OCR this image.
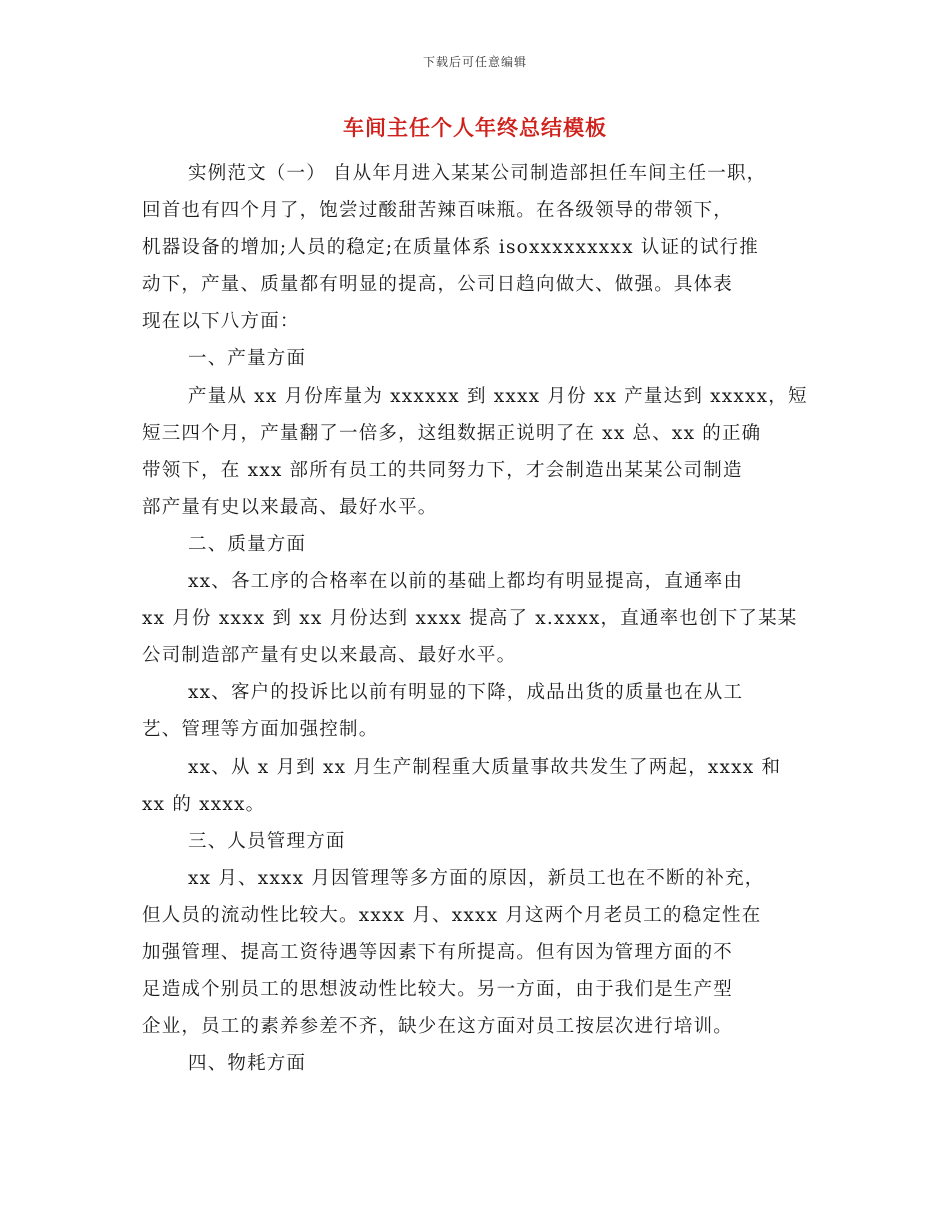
下载后可任意编辑
车间主任个人年终总结模板
实例范文（一） 自从年月进入某某公司制造部担任车间主任一职，
回首也有四个月了，饱尝过酸甜苦辣百味瓶。在各级领导的带领下，
机器设备的增加;人员的稳定;在质量体系 isoxxxxxxxxx 认证的试行推
动下，产量、质量都有明显的提高，公司日趋向做大、做强。具体表
现在以下八方面：
一、产量方面
产量从 xx 月份库量为 xxxxxx 到 xxxx 月份 xx 产量达到 xxxxx，短
短三四个月，产量翻了一倍多，这组数据正说明了在 xx 总、xx 的正确
带领下，在 xxx 部所有员工的共同努力下，才会制造出某某公司制造
部产量有史以来最高、最好水平。
二、质量方面
xx、各工序的合格率在以前的基础上都均有明显提高，直通率由
xx 月份 xxxx 到 xx 月份达到 xxxx 提高了 x.xxxx，直通率也创下了某某
公司制造部产量有史以来最高、最好水平。
xx、客户的投诉比以前有明显的下降，成品出货的质量也在从工
艺、管理等方面加强控制。
xx、从 x 月到 xx 月生产制程重大质量事故共发生了两起，xxxx 和
xx 的 xxxx。
三、人员管理方面
xx 月、xxxx 月因管理等多方面的原因，新员工也在不断的补充，
但人员的流动性比较大。xxxx 月、xxxx 月这两个月老员工的稳定性在
加强管理、提高工资待遇等因素下有所提高。但有因为管理方面的不
足造成个别员工的思想波动性比较大。另一方面，由于我们是生产型
企业，员工的素养参差不齐，缺少在这方面对员工按层次进行培训。
四、物耗方面
